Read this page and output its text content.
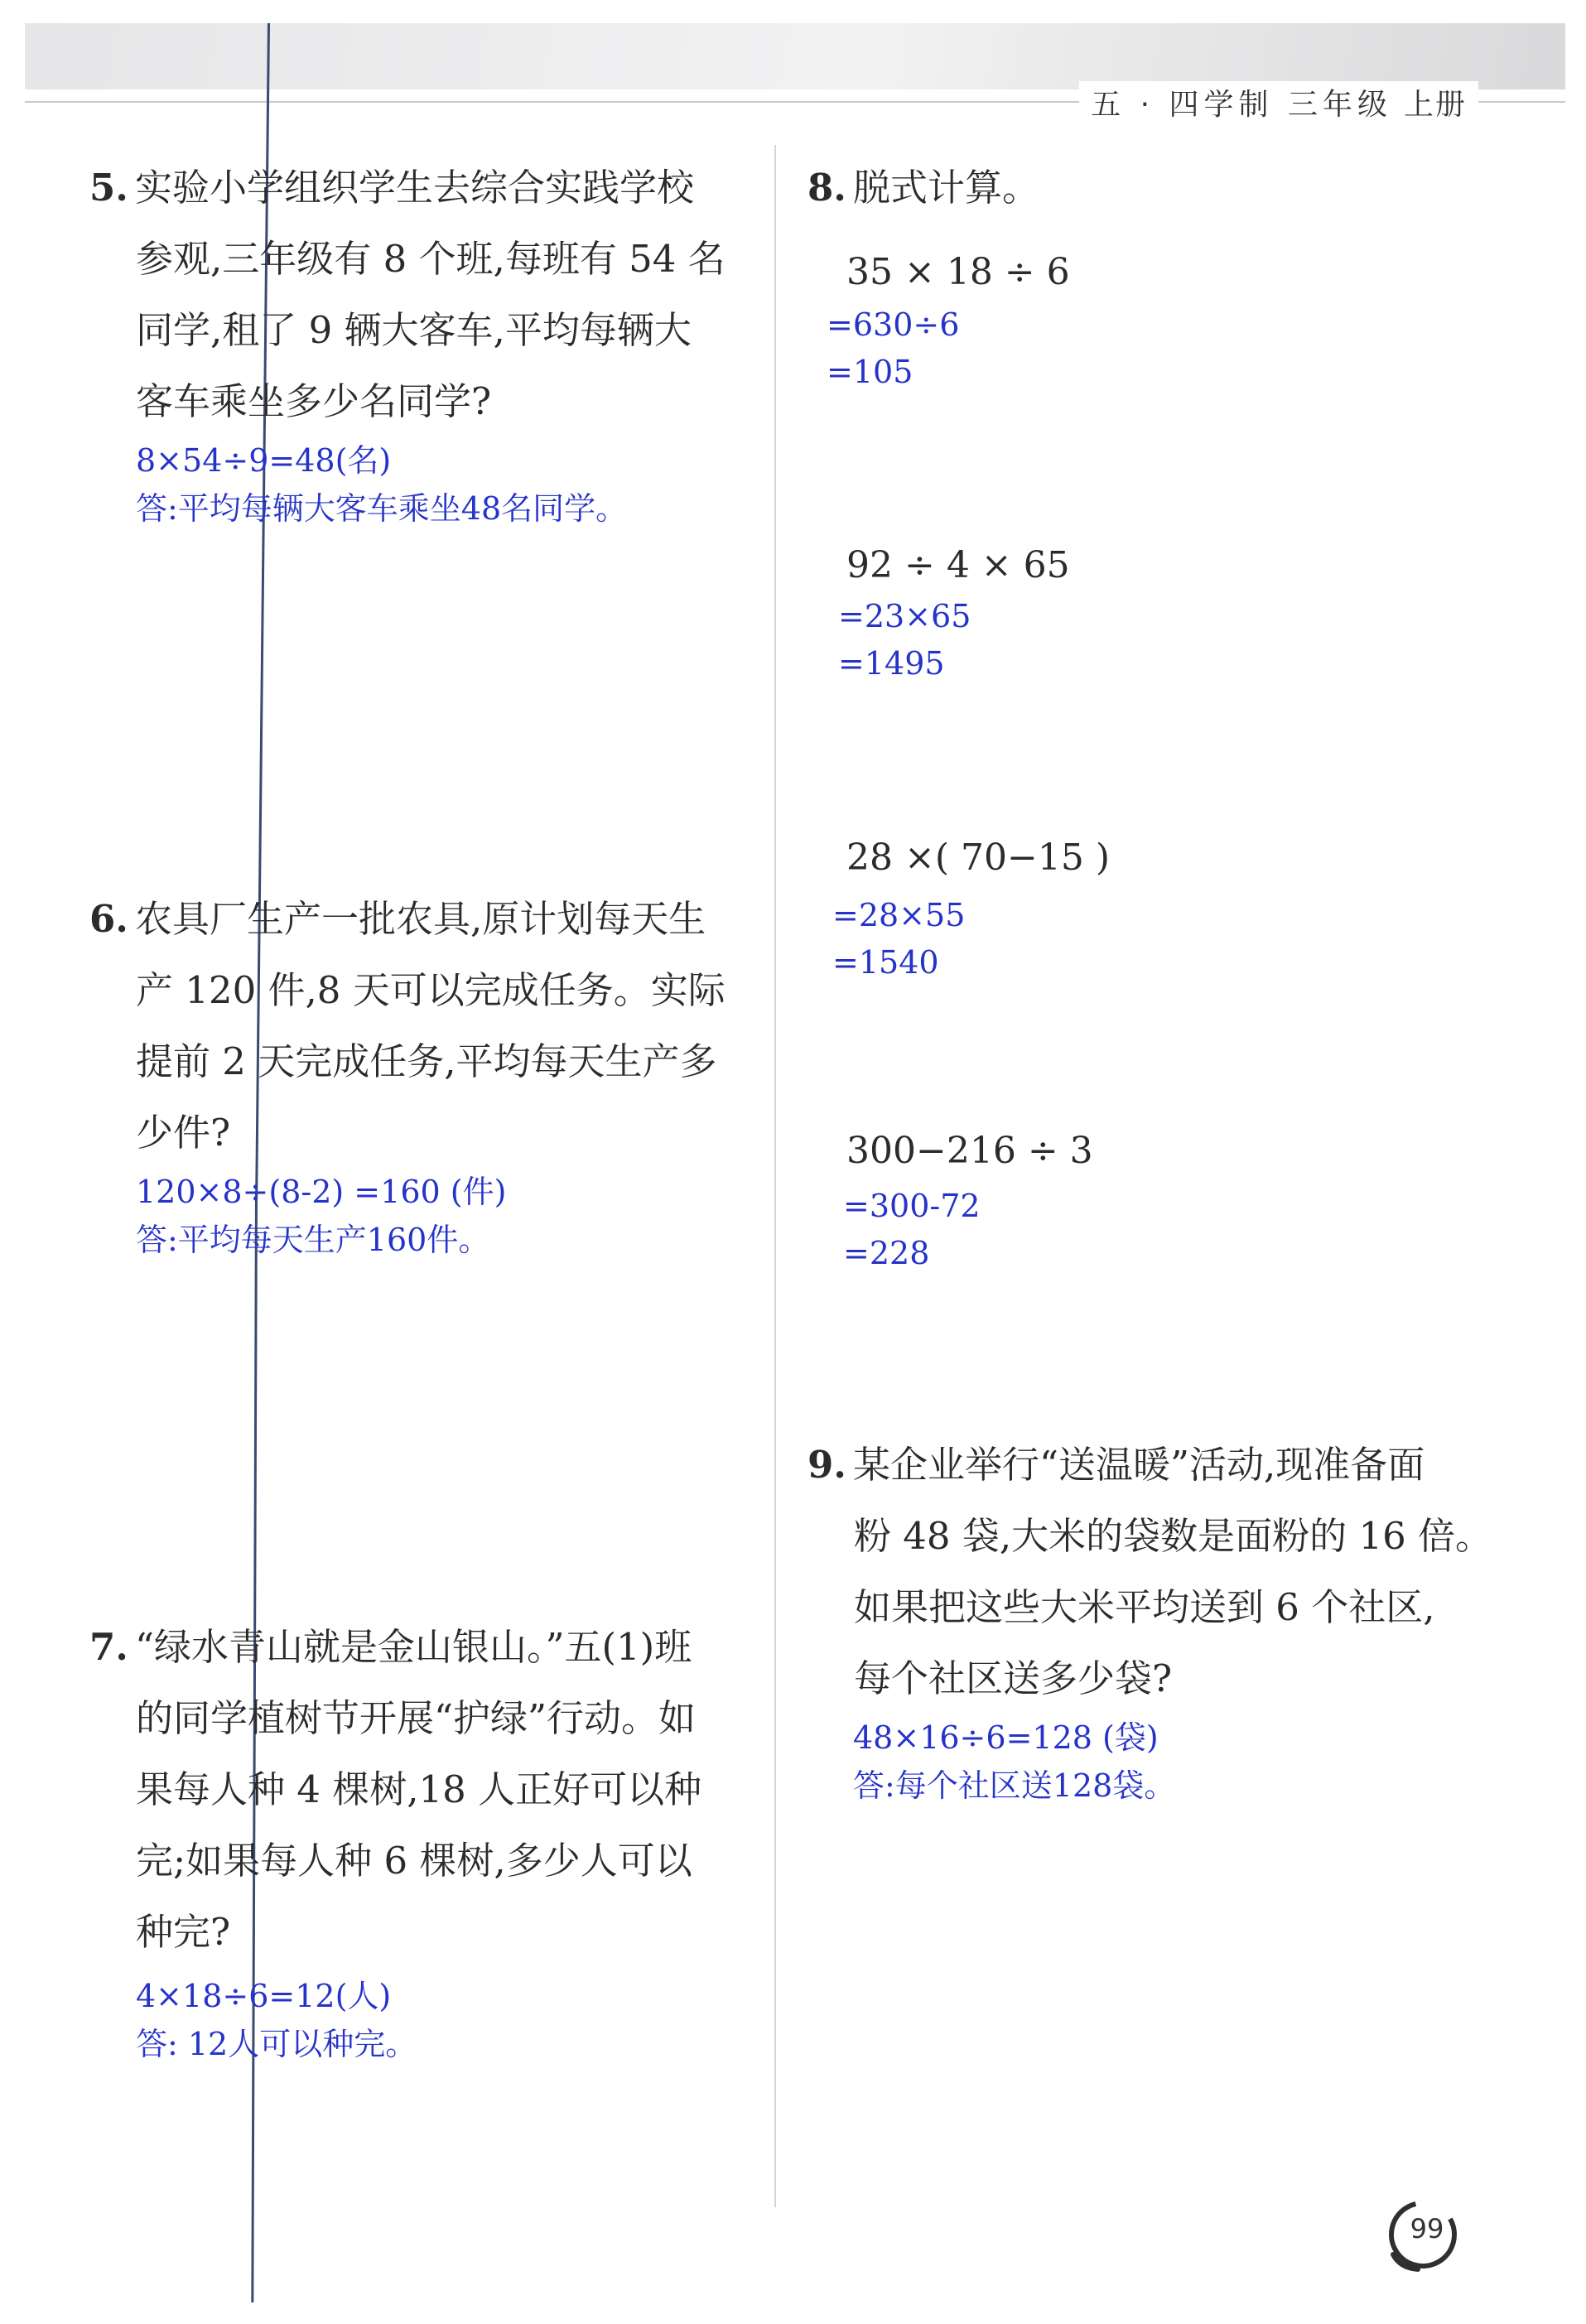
五 · 四学制 三年级 上册
5. 实验小学组织学生去综合实践学校
参观,三年级有 8 个班,每班有 54 名
同学,租了 9 辆大客车,平均每辆大
客车乘坐多少名同学?
8×54÷9=48(名)
答:平均每辆大客车乘坐48名同学。
6. 农具厂生产一批农具,原计划每天生
产 120 件,8 天可以完成任务。实际
提前 2 天完成任务,平均每天生产多
少件?
120×8÷(8-2) =160 (件)
答:平均每天生产160件。
7. “绿水青山就是金山银山。”五(1)班
的同学植树节开展“护绿”行动。如
果每人种 4 棵树,18 人正好可以种
完;如果每人种 6 棵树,多少人可以
种完?
4×18÷6=12(人)
答: 12人可以种完。
8. 脱式计算。
35 × 18 ÷ 6
=630÷6
=105
92 ÷ 4 × 65
=23×65
=1495
28 ×( 70−15 )
=28×55
=1540
300−216 ÷ 3
=300-72
=228
9. 某企业举行“送温暖”活动,现准备面
粉 48 袋,大米的袋数是面粉的 16 倍。
如果把这些大米平均送到 6 个社区,
每个社区送多少袋?
48×16÷6=128 (袋)
答:每个社区送128袋。
99
